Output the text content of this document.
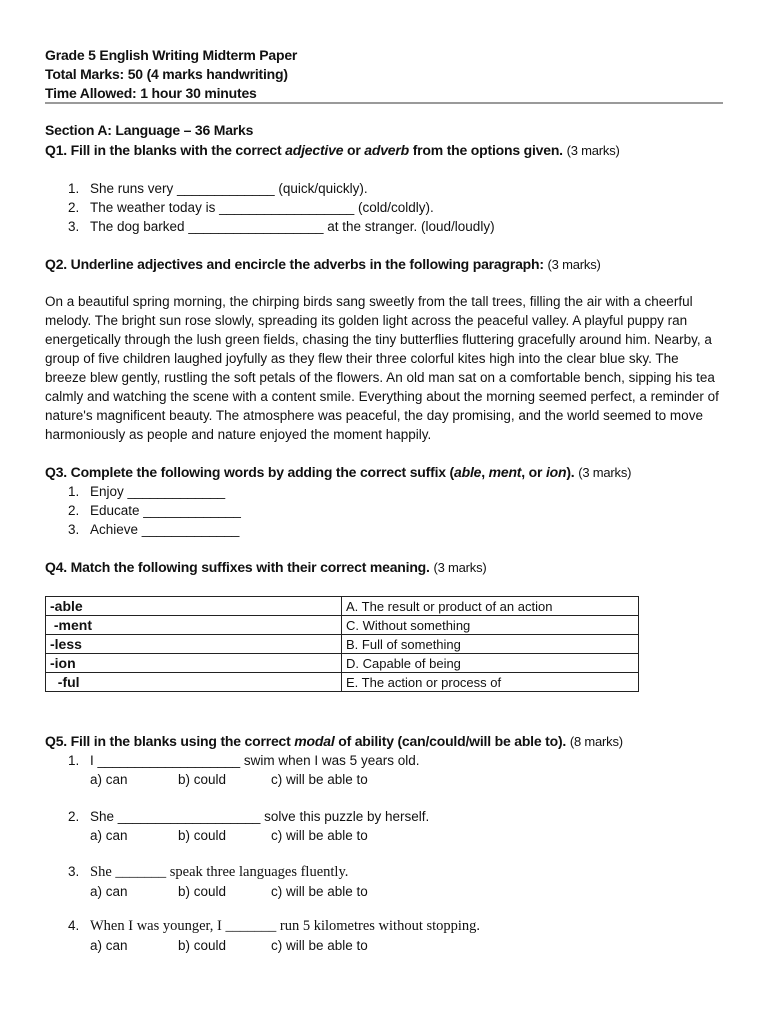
Grade 5 English Writing Midterm Paper
Total Marks: 50 (4 marks handwriting)
Time Allowed: 1 hour 30 minutes
Section A: Language – 36 Marks
Q1. Fill in the blanks with the correct adjective or adverb from the options given. (3 marks)
1. She runs very _____________ (quick/quickly).
2. The weather today is __________________ (cold/coldly).
3. The dog barked __________________ at the stranger. (loud/loudly)
Q2. Underline adjectives and encircle the adverbs in the following paragraph: (3 marks)
On a beautiful spring morning, the chirping birds sang sweetly from the tall trees, filling the air with a cheerful melody. The bright sun rose slowly, spreading its golden light across the peaceful valley. A playful puppy ran energetically through the lush green fields, chasing the tiny butterflies fluttering gracefully around him. Nearby, a group of five children laughed joyfully as they flew their three colorful kites high into the clear blue sky. The breeze blew gently, rustling the soft petals of the flowers. An old man sat on a comfortable bench, sipping his tea calmly and watching the scene with a content smile. Everything about the morning seemed perfect, a reminder of nature's magnificent beauty. The atmosphere was peaceful, the day promising, and the world seemed to move harmoniously as people and nature enjoyed the moment happily.
Q3. Complete the following words by adding the correct suffix (able, ment, or ion). (3 marks)
1. Enjoy _____________
2. Educate _____________
3. Achieve _____________
Q4. Match the following suffixes with their correct meaning. (3 marks)
-able	A. The result or product of an action
-ment	C. Without something
-less	B. Full of something
-ion	D. Capable of being
-ful	E. The action or process of
Q5. Fill in the blanks using the correct modal of ability (can/could/will be able to). (8 marks)
1. I ___________________ swim when I was 5 years old.
a) can	b) could	c) will be able to
2. She ___________________ solve this puzzle by herself.
a) can	b) could	c) will be able to
3. She _______ speak three languages fluently.
a) can	b) could	c) will be able to
4. When I was younger, I _______ run 5 kilometres without stopping.
a) can	b) could	c) will be able to
